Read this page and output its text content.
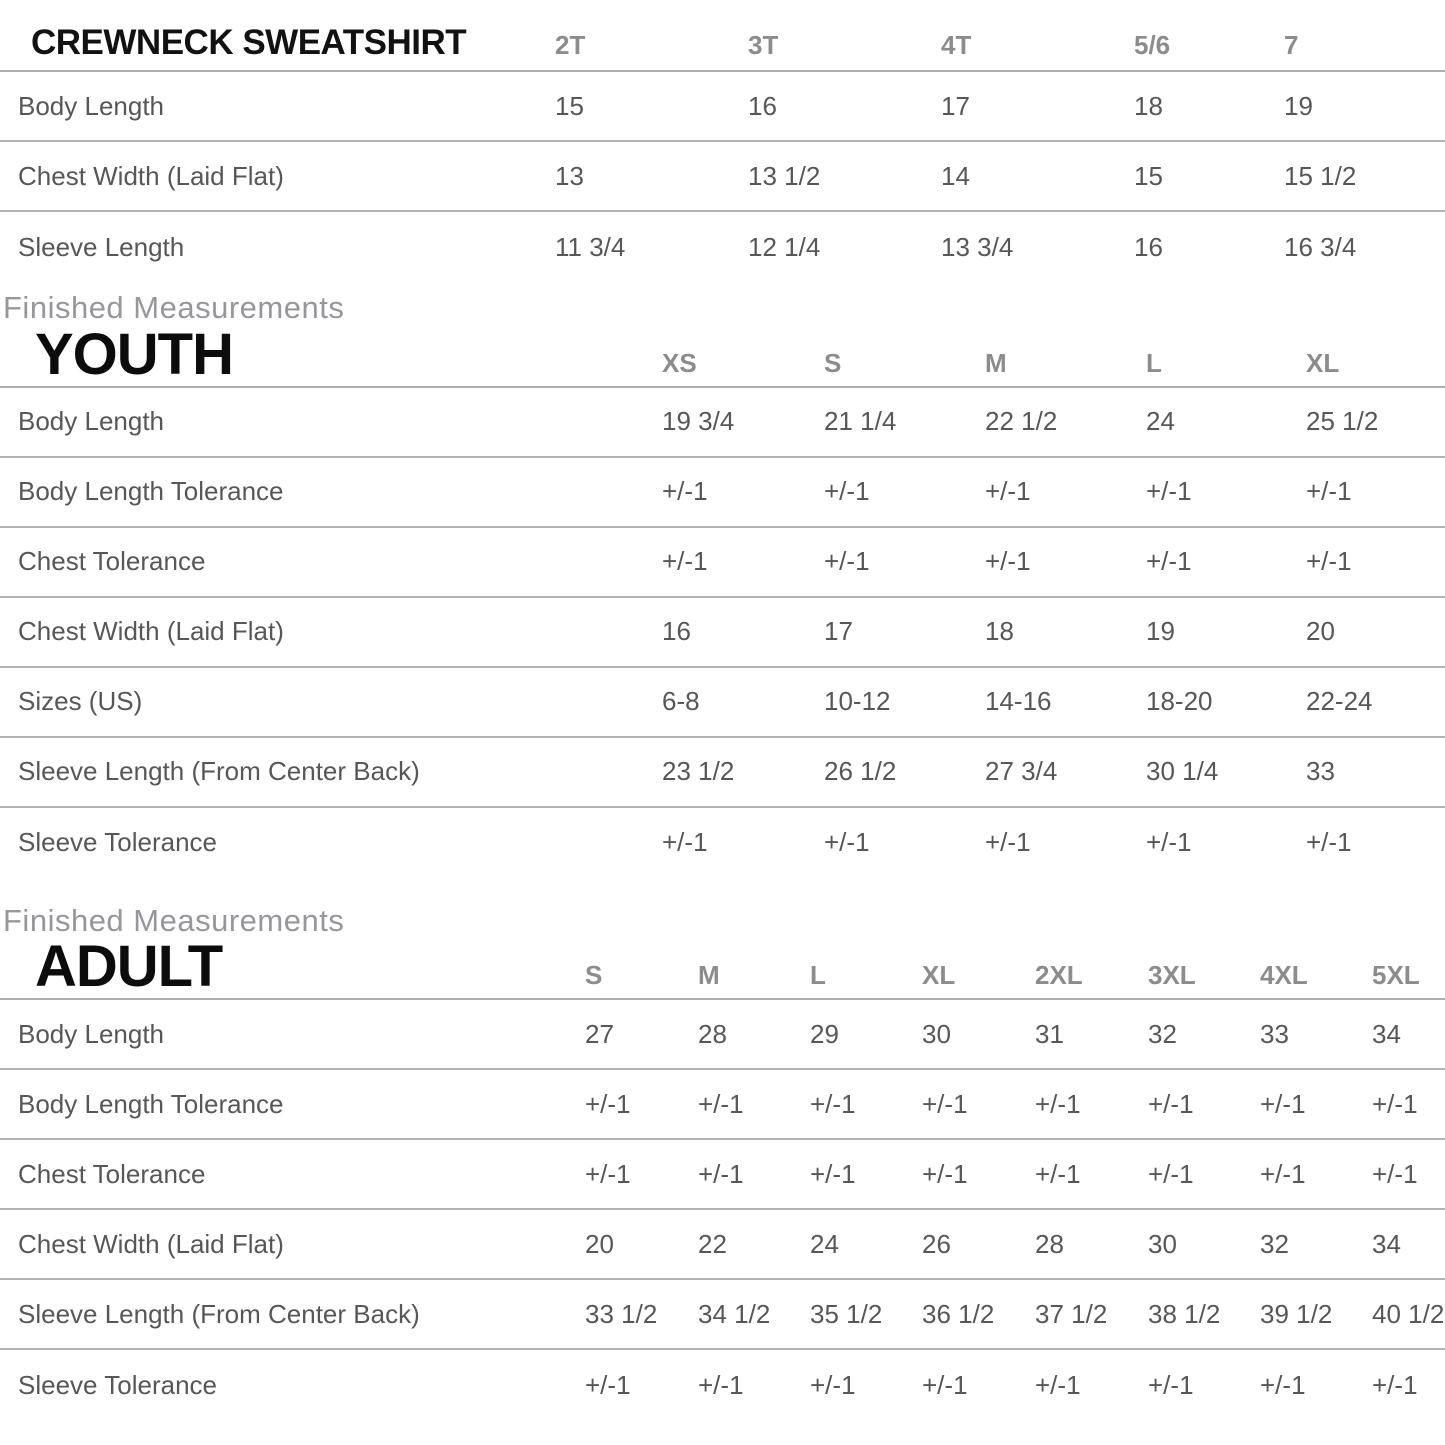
CREWNECK SWEATSHIRT	2T	3T	4T	5/6	7
Body Length	15	16	17	18	19
Chest Width (Laid Flat)	13	13 1/2	14	15	15 1/2
Sleeve Length	11 3/4	12 1/4	13 3/4	16	16 3/4
Finished Measurements
YOUTH	XS	S	M	L	XL
Body Length	19 3/4	21 1/4	22 1/2	24	25 1/2
Body Length Tolerance	+/-1	+/-1	+/-1	+/-1	+/-1
Chest Tolerance	+/-1	+/-1	+/-1	+/-1	+/-1
Chest Width (Laid Flat)	16	17	18	19	20
Sizes (US)	6-8	10-12	14-16	18-20	22-24
Sleeve Length (From Center Back)	23 1/2	26 1/2	27 3/4	30 1/4	33
Sleeve Tolerance	+/-1	+/-1	+/-1	+/-1	+/-1
Finished Measurements
ADULT	S	M	L	XL	2XL	3XL	4XL	5XL
Body Length	27	28	29	30	31	32	33	34
Body Length Tolerance	+/-1	+/-1	+/-1	+/-1	+/-1	+/-1	+/-1	+/-1
Chest Tolerance	+/-1	+/-1	+/-1	+/-1	+/-1	+/-1	+/-1	+/-1
Chest Width (Laid Flat)	20	22	24	26	28	30	32	34
Sleeve Length (From Center Back)	33 1/2	34 1/2	35 1/2	36 1/2	37 1/2	38 1/2	39 1/2	40 1/2
Sleeve Tolerance	+/-1	+/-1	+/-1	+/-1	+/-1	+/-1	+/-1	+/-1
